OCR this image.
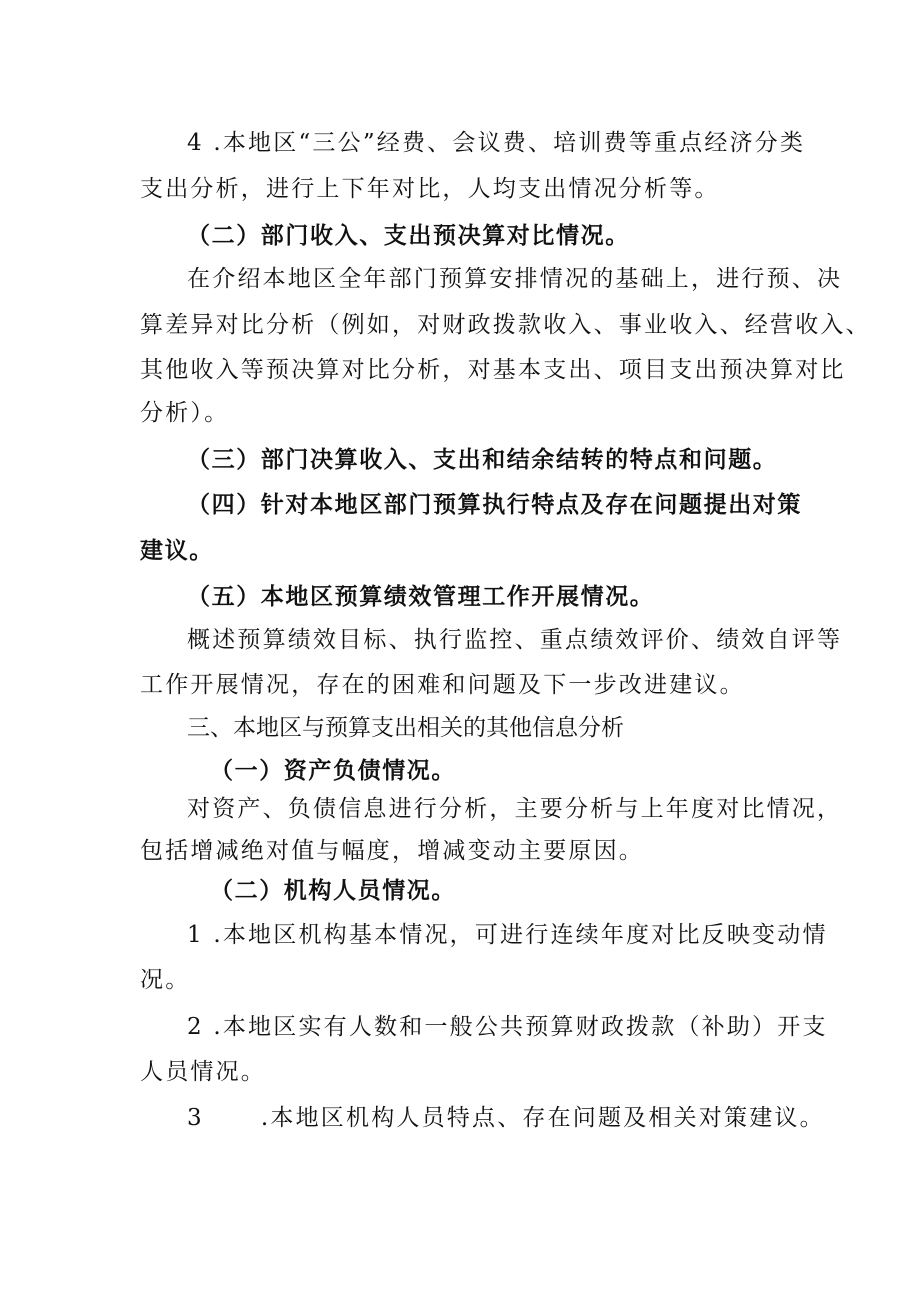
4 .本地区“三公”经费、会议费、培训费等重点经济分类
支出分析，进行上下年对比，人均支出情况分析等。
（二）部门收入、支出预决算对比情况。
在介绍本地区全年部门预算安排情况的基础上，进行预、决
算差异对比分析（例如，对财政拨款收入、事业收入、经营收入、
其他收入等预决算对比分析，对基本支出、项目支出预决算对比
分析）。
（三）部门决算收入、支出和结余结转的特点和问题。
（四）针对本地区部门预算执行特点及存在问题提出对策
建议。
（五）本地区预算绩效管理工作开展情况。
概述预算绩效目标、执行监控、重点绩效评价、绩效自评等
工作开展情况，存在的困难和问题及下一步改进建议。
三、本地区与预算支出相关的其他信息分析
（一）资产负债情况。
对资产、负债信息进行分析，主要分析与上年度对比情况，
包括增减绝对值与幅度，增减变动主要原因。
（二）机构人员情况。
1 .本地区机构基本情况，可进行连续年度对比反映变动情
况。
2 .本地区实有人数和一般公共预算财政拨款（补助）开支
人员情况。
3      .本地区机构人员特点、存在问题及相关对策建议。
